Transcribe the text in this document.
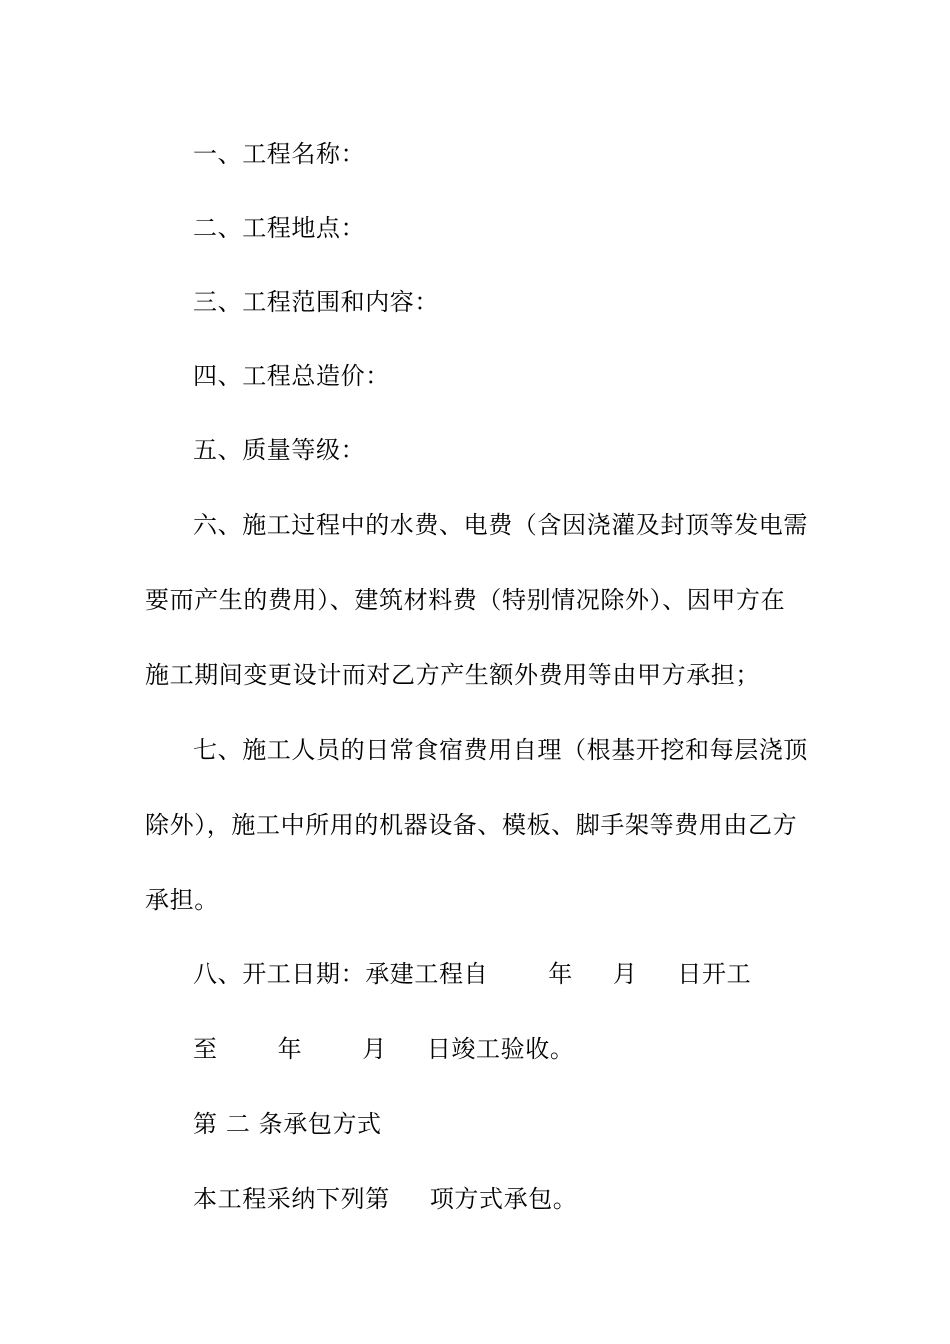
一、工程名称：
二、工程地点：
三、工程范围和内容：
四、工程总造价：
五、质量等级：
六、施工过程中的水费、电费（含因浇灌及封顶等发电需
要而产生的费用）、建筑材料费（特别情况除外）、因甲方在
施工期间变更设计而对乙方产生额外费用等由甲方承担；
七、施工人员的日常食宿费用自理（根基开挖和每层浇顶
除外），施工中所用的机器设备、模板、脚手架等费用由乙方
承担。
八、开工日期：承建工程自	年 月 日开工
至	年	月 日竣工验收。
第 二 条承包方式
本工程采纳下列第 项方式承包。
